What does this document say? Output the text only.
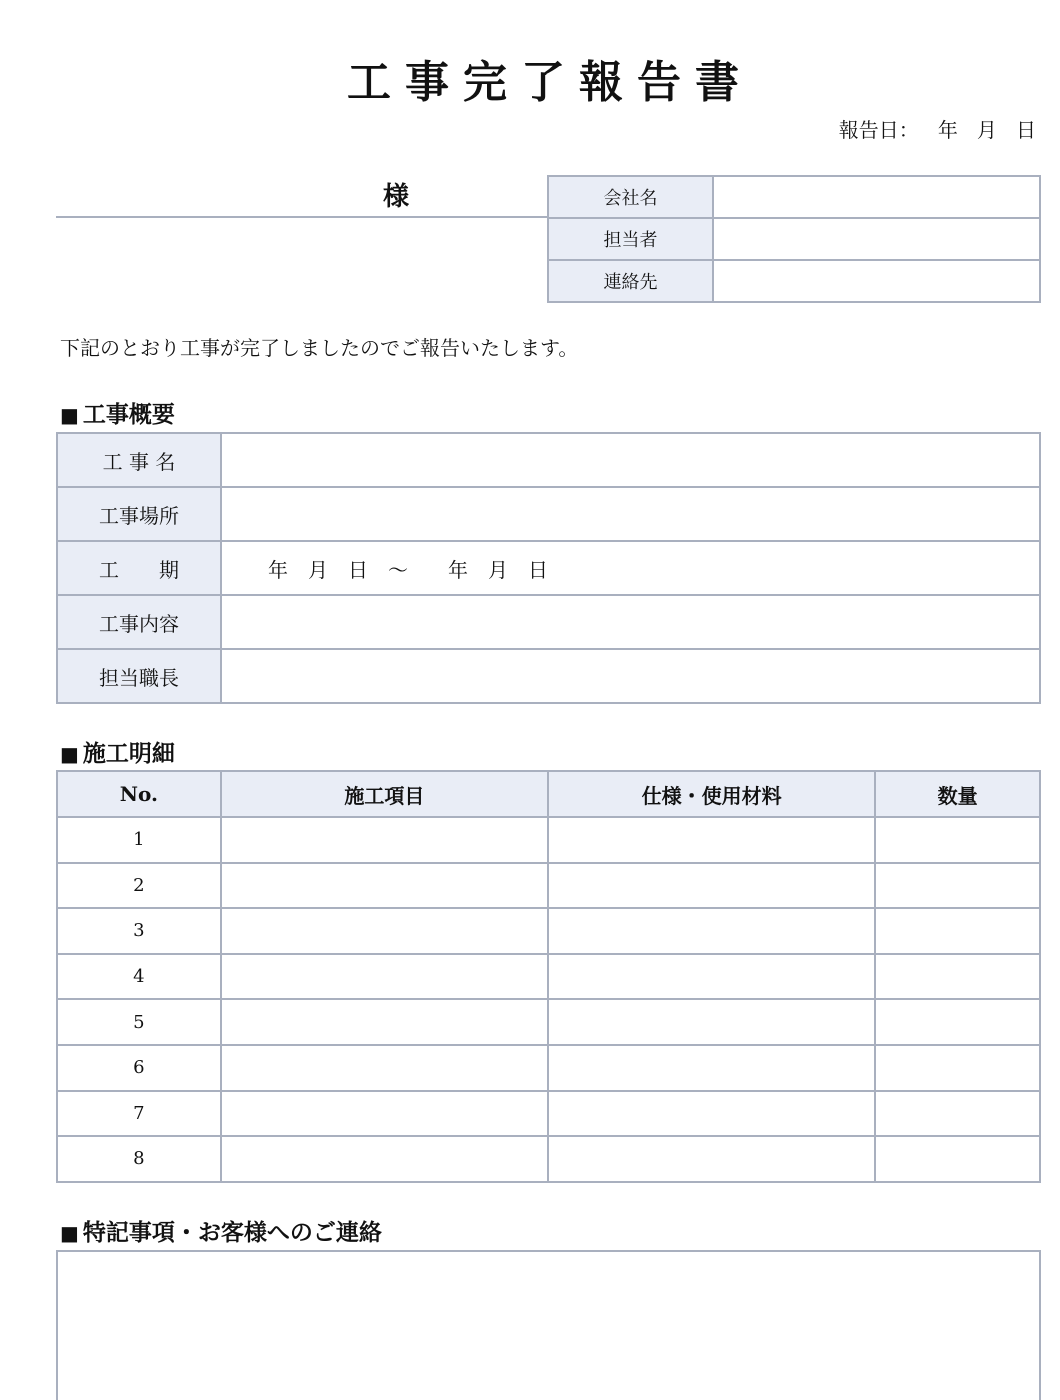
工事完了報告書
報告日：   年   月   日
様	会社名	
担当者	
連絡先	
下記のとおり工事が完了しましたのでご報告いたします。
■ 工事概要
工 事 名	
工事場所	
工　　期	年　月　日　～　　年　月　日
工事内容	
担当職長	
■ 施工明細
No.	施工項目	仕様・使用材料	数量
1			
2			
3			
4			
5			
6			
7			
8			
■ 特記事項・お客様へのご連絡
